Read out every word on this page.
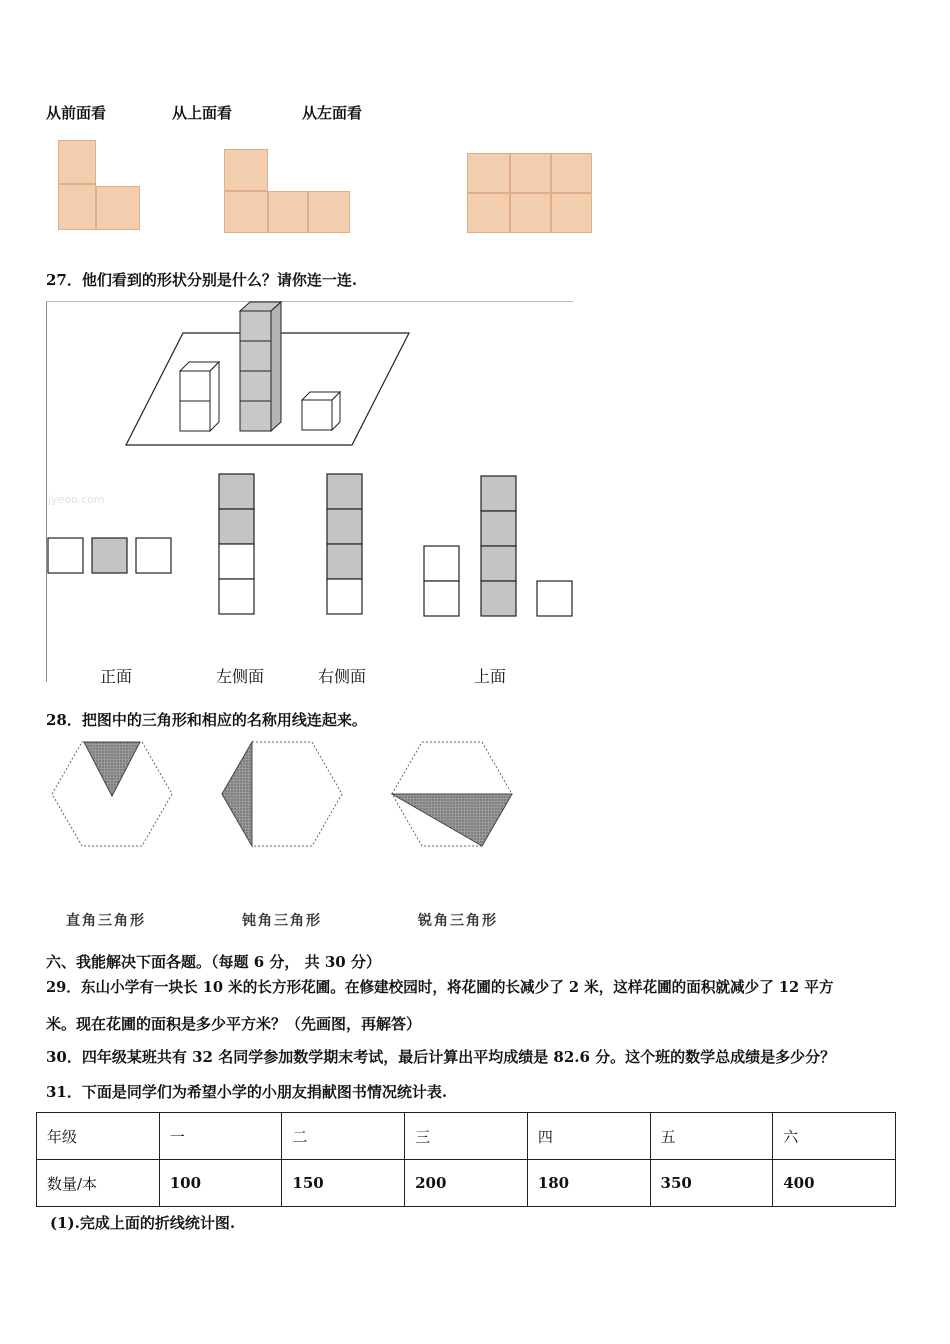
从前面看	从上面看	从左面看
27．他们看到的形状分别是什么？请你连一连.
jyeoo.com
正面	左侧面	右侧面	上面
28．把图中的三角形和相应的名称用线连起来。
直角三角形	钝角三角形	锐角三角形
六、我能解决下面各题。（每题 6 分， 共 30 分）
29．东山小学有一块长 10 米的长方形花圃。在修建校园时，将花圃的长减少了 2 米，这样花圃的面积就减少了 12 平方
米。现在花圃的面积是多少平方米？（先画图，再解答）
30．四年级某班共有 32 名同学参加数学期末考试，最后计算出平均成绩是 82.6 分。这个班的数学总成绩是多少分？
31．下面是同学们为希望小学的小朋友捐献图书情况统计表.
年级	一	二	三	四	五	六
数量/本	100	150	200	180	350	400
(1).完成上面的折线统计图.
